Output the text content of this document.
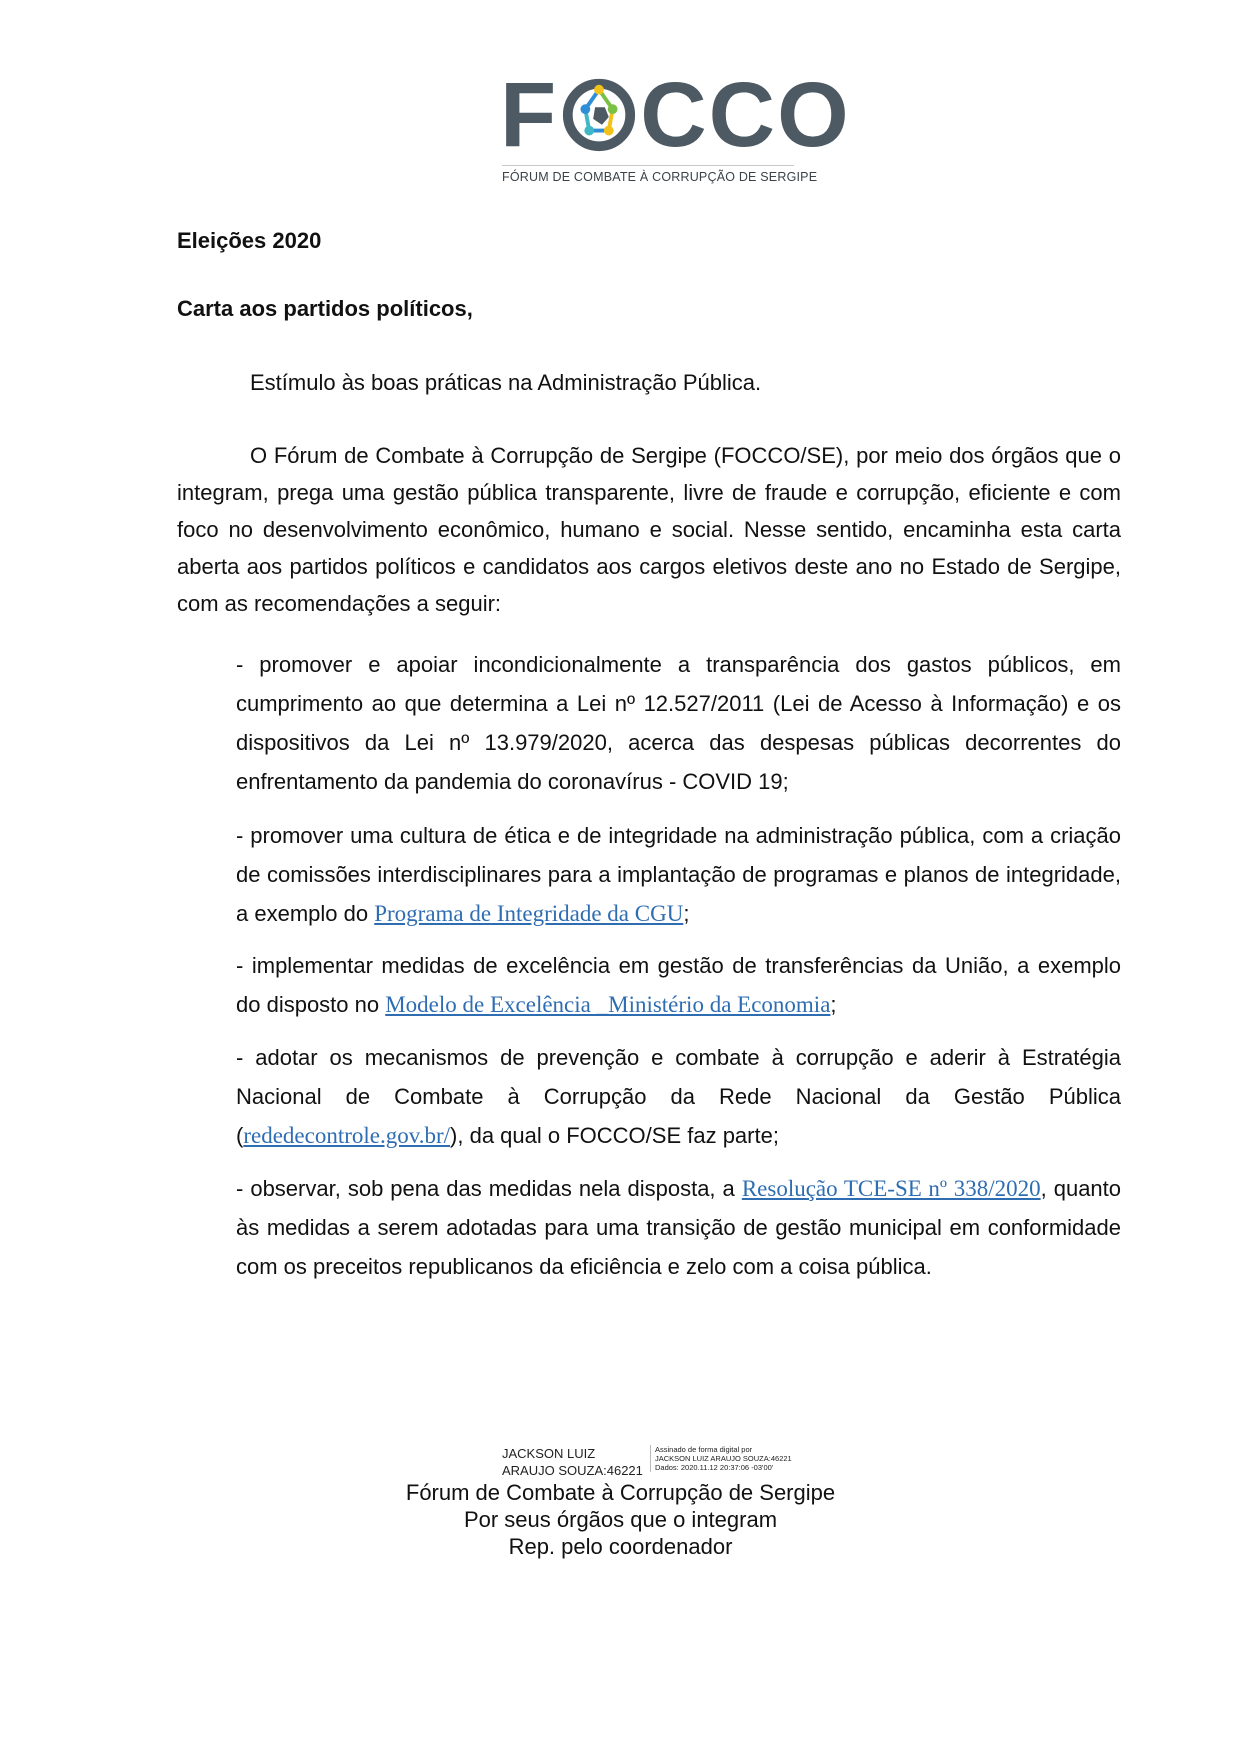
F CCO
FÓRUM DE COMBATE À CORRUPÇÃO DE SERGIPE
Eleições 2020
Carta aos partidos políticos,
Estímulo às boas práticas na Administração Pública.
O Fórum de Combate à Corrupção de Sergipe (FOCCO/SE), por meio dos órgãos que o integram, prega uma gestão pública transparente, livre de fraude e corrupção, eficiente e com foco no desenvolvimento econômico, humano e social. Nesse sentido, encaminha esta carta aberta aos partidos políticos e candidatos aos cargos eletivos deste ano no Estado de Sergipe, com as recomendações a seguir:
- promover e apoiar incondicionalmente a transparência dos gastos públicos, em cumprimento ao que determina a Lei nº 12.527/2011 (Lei de Acesso à Informação) e os dispositivos da Lei nº 13.979/2020, acerca das despesas públicas decorrentes do enfrentamento da pandemia do coronavírus - COVID 19;
- promover uma cultura de ética e de integridade na administração pública, com a criação de comissões interdisciplinares para a implantação de programas e planos de integridade, a exemplo do Programa de Integridade da CGU;
- implementar medidas de excelência em gestão de transferências da União, a exemplo do disposto no Modelo de Excelência _Ministério da Economia;
- adotar os mecanismos de prevenção e combate à corrupção e aderir à Estratégia Nacional de Combate à Corrupção da Rede Nacional da Gestão Pública (rededecontrole.gov.br/), da qual o FOCCO/SE faz parte;
- observar, sob pena das medidas nela disposta, a Resolução TCE-SE nº 338/2020, quanto às medidas a serem adotadas para uma transição de gestão municipal em conformidade com os preceitos republicanos da eficiência e zelo com a coisa pública.
JACKSON LUIZ
ARAUJO SOUZA:46221
Assinado de forma digital por
JACKSON LUIZ ARAUJO SOUZA:46221
Dados: 2020.11.12 20:37:06 -03'00'
Fórum de Combate à Corrupção de Sergipe
Por seus órgãos que o integram
Rep. pelo coordenador
